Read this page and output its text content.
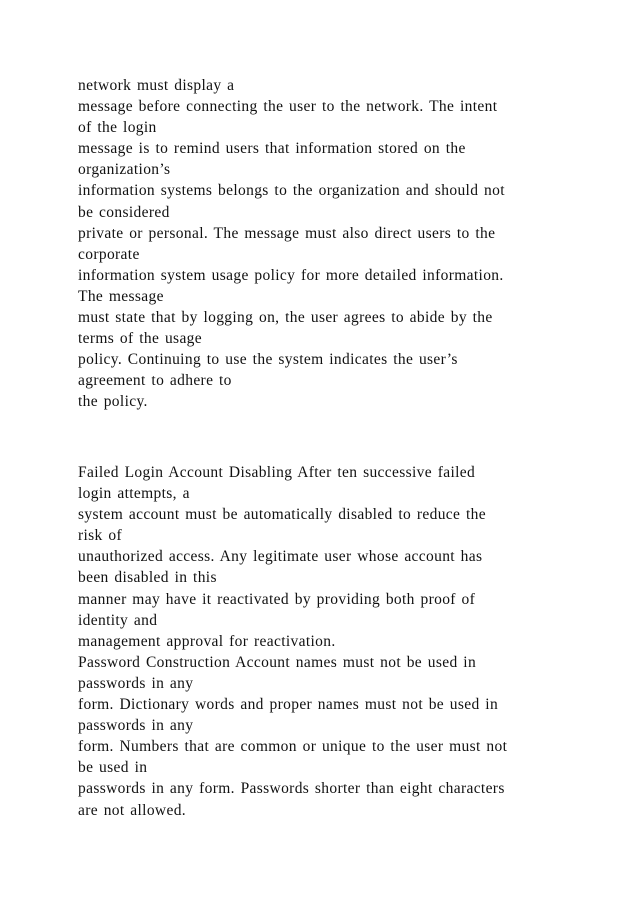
network must display a
message before connecting the user to the network. The intent
of the login
message is to remind users that information stored on the
organization’s
information systems belongs to the organization and should not
be considered
private or personal. The message must also direct users to the
corporate
information system usage policy for more detailed information.
The message
must state that by logging on, the user agrees to abide by the
terms of the usage
policy. Continuing to use the system indicates the user’s
agreement to adhere to
the policy.
Failed Login Account Disabling After ten successive failed
login attempts, a
system account must be automatically disabled to reduce the
risk of
unauthorized access. Any legitimate user whose account has
been disabled in this
manner may have it reactivated by providing both proof of
identity and
management approval for reactivation.
Password Construction Account names must not be used in
passwords in any
form. Dictionary words and proper names must not be used in
passwords in any
form. Numbers that are common or unique to the user must not
be used in
passwords in any form. Passwords shorter than eight characters
are not allowed.
